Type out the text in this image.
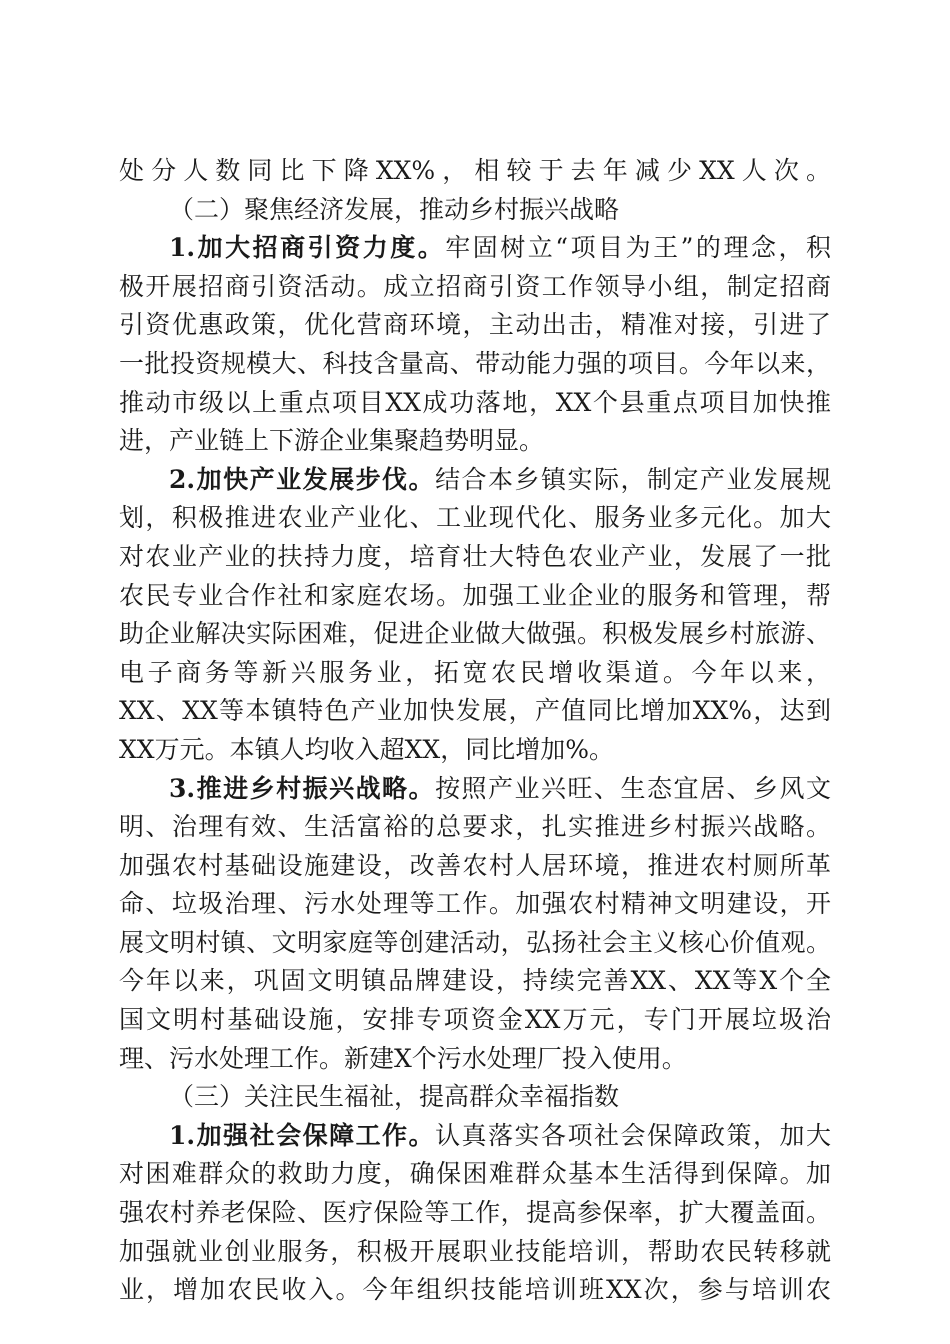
处分人数同比下降XX%，相较于去年减少XX人次。
（二）聚焦经济发展，推动乡村振兴战略
1.加大招商引资力度。牢固树立“项目为王”的理念，积
极开展招商引资活动。成立招商引资工作领导小组，制定招商
引资优惠政策，优化营商环境，主动出击，精准对接，引进了
一批投资规模大、科技含量高、带动能力强的项目。今年以来，
推动市级以上重点项目XX成功落地，XX个县重点项目加快推
进，产业链上下游企业集聚趋势明显。
2.加快产业发展步伐。结合本乡镇实际，制定产业发展规
划，积极推进农业产业化、工业现代化、服务业多元化。加大
对农业产业的扶持力度，培育壮大特色农业产业，发展了一批
农民专业合作社和家庭农场。加强工业企业的服务和管理，帮
助企业解决实际困难，促进企业做大做强。积极发展乡村旅游、
电子商务等新兴服务业，拓宽农民增收渠道。今年以来，
XX、XX等本镇特色产业加快发展，产值同比增加XX%，达到
XX万元。本镇人均收入超XX，同比增加%。
3.推进乡村振兴战略。按照产业兴旺、生态宜居、乡风文
明、治理有效、生活富裕的总要求，扎实推进乡村振兴战略。
加强农村基础设施建设，改善农村人居环境，推进农村厕所革
命、垃圾治理、污水处理等工作。加强农村精神文明建设，开
展文明村镇、文明家庭等创建活动，弘扬社会主义核心价值观。
今年以来，巩固文明镇品牌建设，持续完善XX、XX等X个全
国文明村基础设施，安排专项资金XX万元，专门开展垃圾治
理、污水处理工作。新建X个污水处理厂投入使用。
（三）关注民生福祉，提高群众幸福指数
1.加强社会保障工作。认真落实各项社会保障政策，加大
对困难群众的救助力度，确保困难群众基本生活得到保障。加
强农村养老保险、医疗保险等工作，提高参保率，扩大覆盖面。
加强就业创业服务，积极开展职业技能培训，帮助农民转移就
业，增加农民收入。今年组织技能培训班XX次，参与培训农
